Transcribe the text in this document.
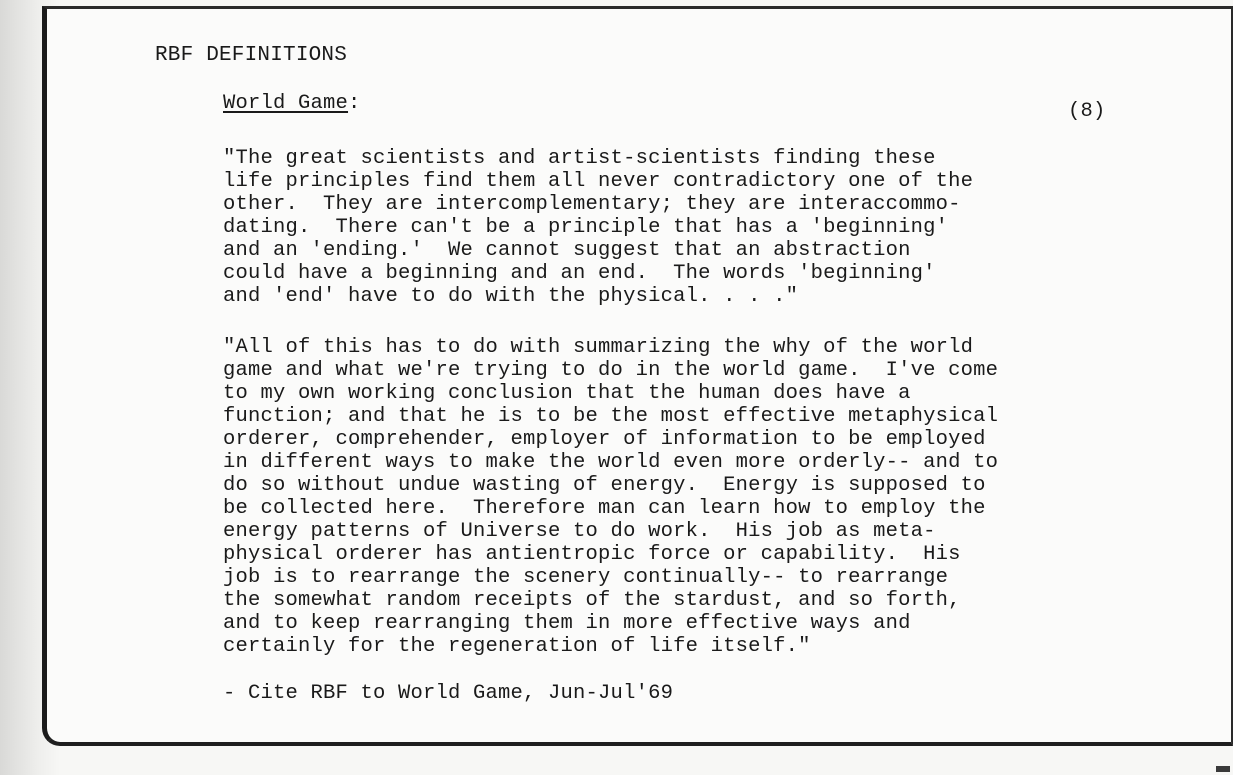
RBF DEFINITIONS
World Game:	(8)

"The great scientists and artist-scientists finding these
life principles find them all never contradictory one of the
other.  They are intercomplementary; they are interaccommo-
dating.  There can't be a principle that has a 'beginning'
and an 'ending.'  We cannot suggest that an abstraction
could have a beginning and an end.  The words 'beginning'
and 'end' have to do with the physical. . . ."

"All of this has to do with summarizing the why of the world
game and what we're trying to do in the world game.  I've come
to my own working conclusion that the human does have a
function; and that he is to be the most effective metaphysical
orderer, comprehender, employer of information to be employed
in different ways to make the world even more orderly-- and to
do so without undue wasting of energy.  Energy is supposed to
be collected here.  Therefore man can learn how to employ the
energy patterns of Universe to do work.  His job as meta-
physical orderer has antientropic force or capability.  His
job is to rearrange the scenery continually-- to rearrange
the somewhat random receipts of the stardust, and so forth,
and to keep rearranging them in more effective ways and
certainly for the regeneration of life itself."

- Cite RBF to World Game, Jun-Jul'69
